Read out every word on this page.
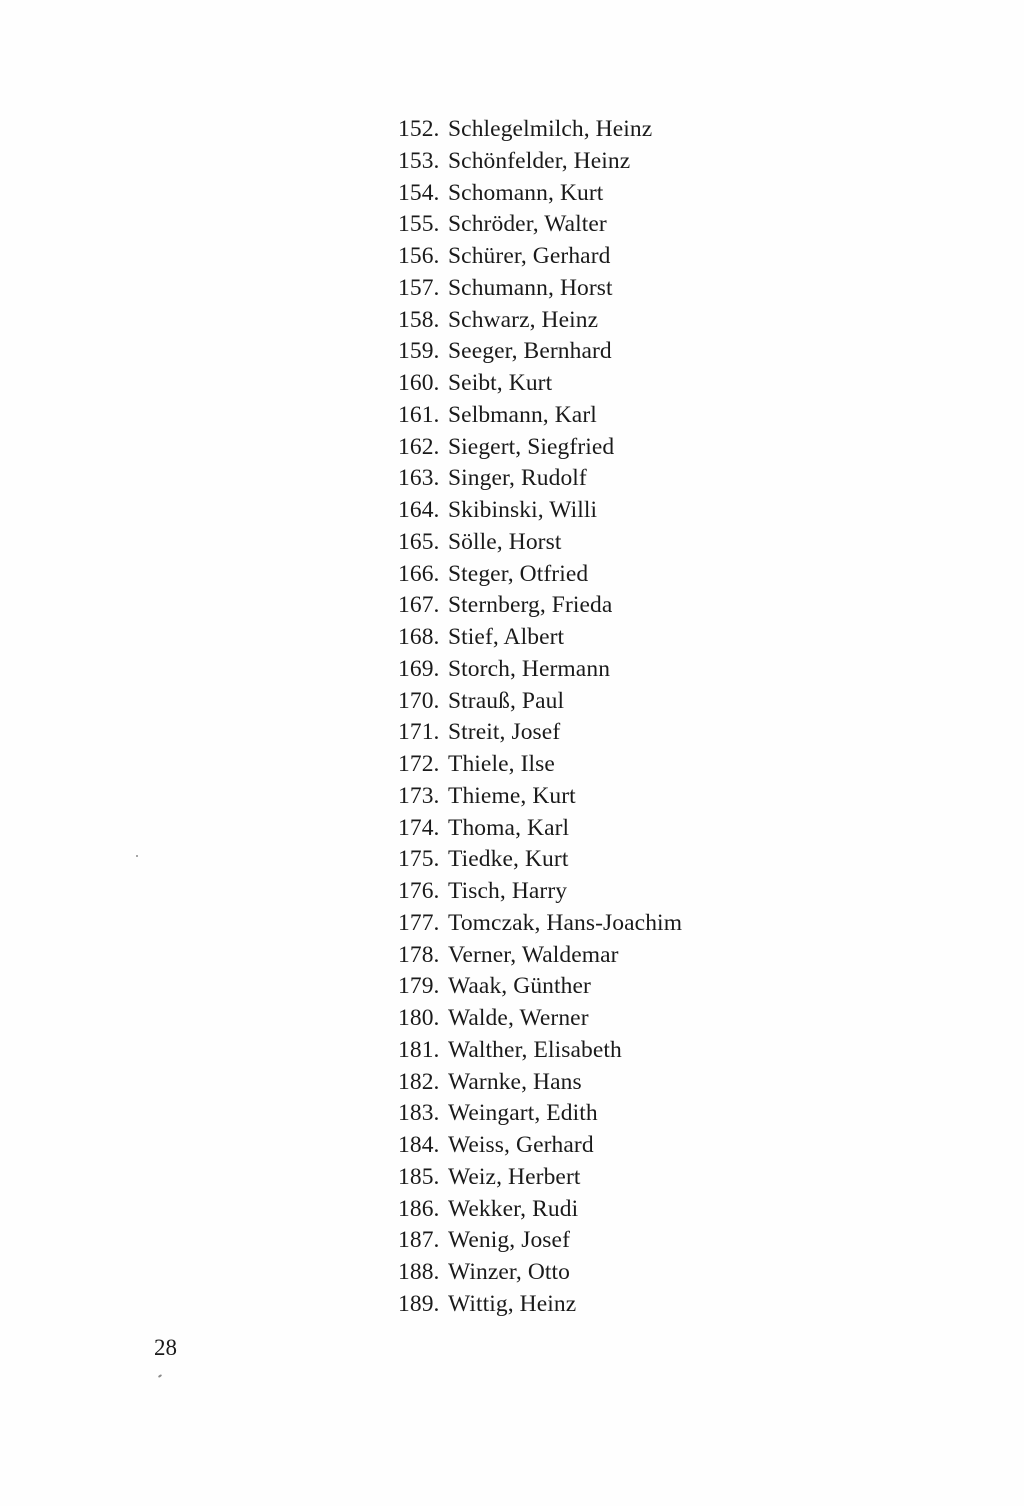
152. Schlegelmilch, Heinz
153. Schönfelder, Heinz
154. Schomann, Kurt
155. Schröder, Walter
156. Schürer, Gerhard
157. Schumann, Horst
158. Schwarz, Heinz
159. Seeger, Bernhard
160. Seibt, Kurt
161. Selbmann, Karl
162. Siegert, Siegfried
163. Singer, Rudolf
164. Skibinski, Willi
165. Sölle, Horst
166. Steger, Otfried
167. Sternberg, Frieda
168. Stief, Albert
169. Storch, Hermann
170. Strauß, Paul
171. Streit, Josef
172. Thiele, Ilse
173. Thieme, Kurt
174. Thoma, Karl
175. Tiedke, Kurt
176. Tisch, Harry
177. Tomczak, Hans-Joachim
178. Verner, Waldemar
179. Waak, Günther
180. Walde, Werner
181. Walther, Elisabeth
182. Warnke, Hans
183. Weingart, Edith
184. Weiss, Gerhard
185. Weiz, Herbert
186. Wekker, Rudi
187. Wenig, Josef
188. Winzer, Otto
189. Wittig, Heinz
28
